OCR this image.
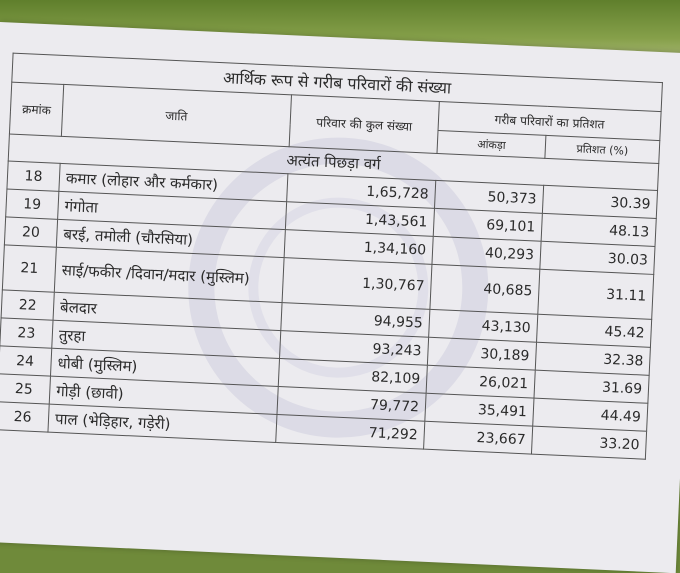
आर्थिक रूप से गरीब परिवारों की संख्या				
क्रमांक	जाति	परिवार की कुल संख्या	गरीब परिवारों का प्रतिशत	
			आंकड़ा	प्रतिशत (%)
अत्यंत पिछड़ा वर्ग				
18	कमार (लोहार और कर्मकार)	1,65,728	50,373	30.39
19	गंगोता	1,43,561	69,101	48.13
20	बरई, तमोली (चौरसिया)	1,34,160	40,293	30.03
21	साई/फकीर /दिवान/मदार (मुस्लिम)	1,30,767	40,685	31.11
22	बेलदार	94,955	43,130	45.42
23	तुरहा	93,243	30,189	32.38
24	धोबी (मुस्लिम)	82,109	26,021	31.69
25	गोड़ी (छावी)	79,772	35,491	44.49
26	पाल (भेड़िहार, गड़ेरी)	71,292	23,667	33.20
